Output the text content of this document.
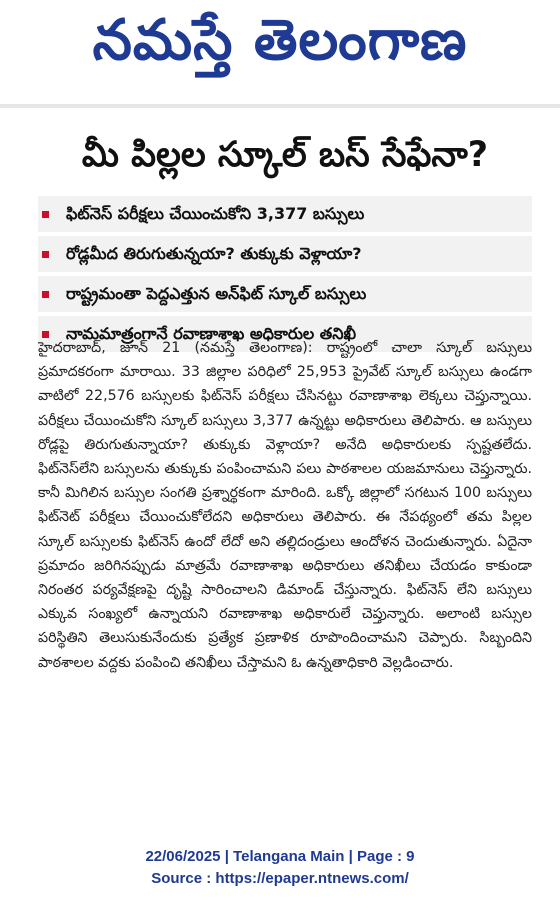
నమస్తే తెలంగాణ
మీ పిల్లల స్కూల్ బస్ సేఫేనా?
ఫిట్‌నెస్ పరీక్షలు చేయించుకోని 3,377 బస్సులు
రోడ్లమీద తిరుగుతున్నయా? తుక్కుకు వెళ్లాయా?
రాష్ట్రమంతా పెద్దఎత్తున అన్‌ఫిట్ స్కూల్ బస్సులు
నామమాత్రంగానే రవాణాశాఖ అధికారుల తనిఖీ
హైదరాబాద్, జూన్ 21 (నమస్తే తెలంగాణ): రాష్ట్రంలో చాలా స్కూల్ బస్సులు ప్రమాదకరంగా మారాయి. 33 జిల్లాల పరిధిలో 25,953 ప్రైవేట్ స్కూల్ బస్సులు ఉండగా వాటిలో 22,576 బస్సులకు ఫిట్‌నెస్ పరీక్షలు చేసినట్టు రవాణాశాఖ లెక్కలు చెప్తున్నాయి. పరీక్షలు చేయించుకోని స్కూల్ బస్సులు 3,377 ఉన్నట్టు అధికారులు తెలిపారు. ఆ బస్సులు రోడ్లపై తిరుగుతున్నాయా? తుక్కుకు వెళ్లాయా? అనేది అధికారులకు స్పష్టతలేదు. ఫిట్‌నెస్‌లేని బస్సులను తుక్కుకు పంపించామని పలు పాఠశాలల యజమానులు చెప్తున్నారు. కానీ మిగిలిన బస్సుల సంగతి ప్రశ్నార్థకంగా మారింది. ఒక్కో జిల్లాలో సగటున 100 బస్సులు ఫిట్‌నెట్ పరీక్షలు చేయించుకోలేదని అధికారులు తెలిపారు. ఈ నేపథ్యంలో తమ పిల్లల స్కూల్ బస్సులకు ఫిట్‌నెస్ ఉందో లేదో అని తల్లిదండ్రులు ఆందోళన చెందుతున్నారు. ఏదైనా ప్రమాదం జరిగినప్పుడు మాత్రమే రవాణాశాఖ అధికారులు తనిఖీలు చేయడం కాకుండా నిరంతర పర్యవేక్షణపై దృష్టి సారించాలని డిమాండ్ చేస్తున్నారు. ఫిట్‌నెస్ లేని బస్సులు ఎక్కువ సంఖ్యలో ఉన్నాయని రవాణాశాఖ అధికారులే చెప్తున్నారు. అలాంటి బస్సుల పరిస్థితిని తెలుసుకునేందుకు ప్రత్యేక ప్రణాళిక రూపొందించామని చెప్పారు. సిబ్బందిని పాఠశాలల వద్దకు పంపించి తనిఖీలు చేస్తామని ఓ ఉన్నతాధికారి వెల్లడించారు.
22/06/2025 | Telangana Main | Page : 9
Source : https://epaper.ntnews.com/
